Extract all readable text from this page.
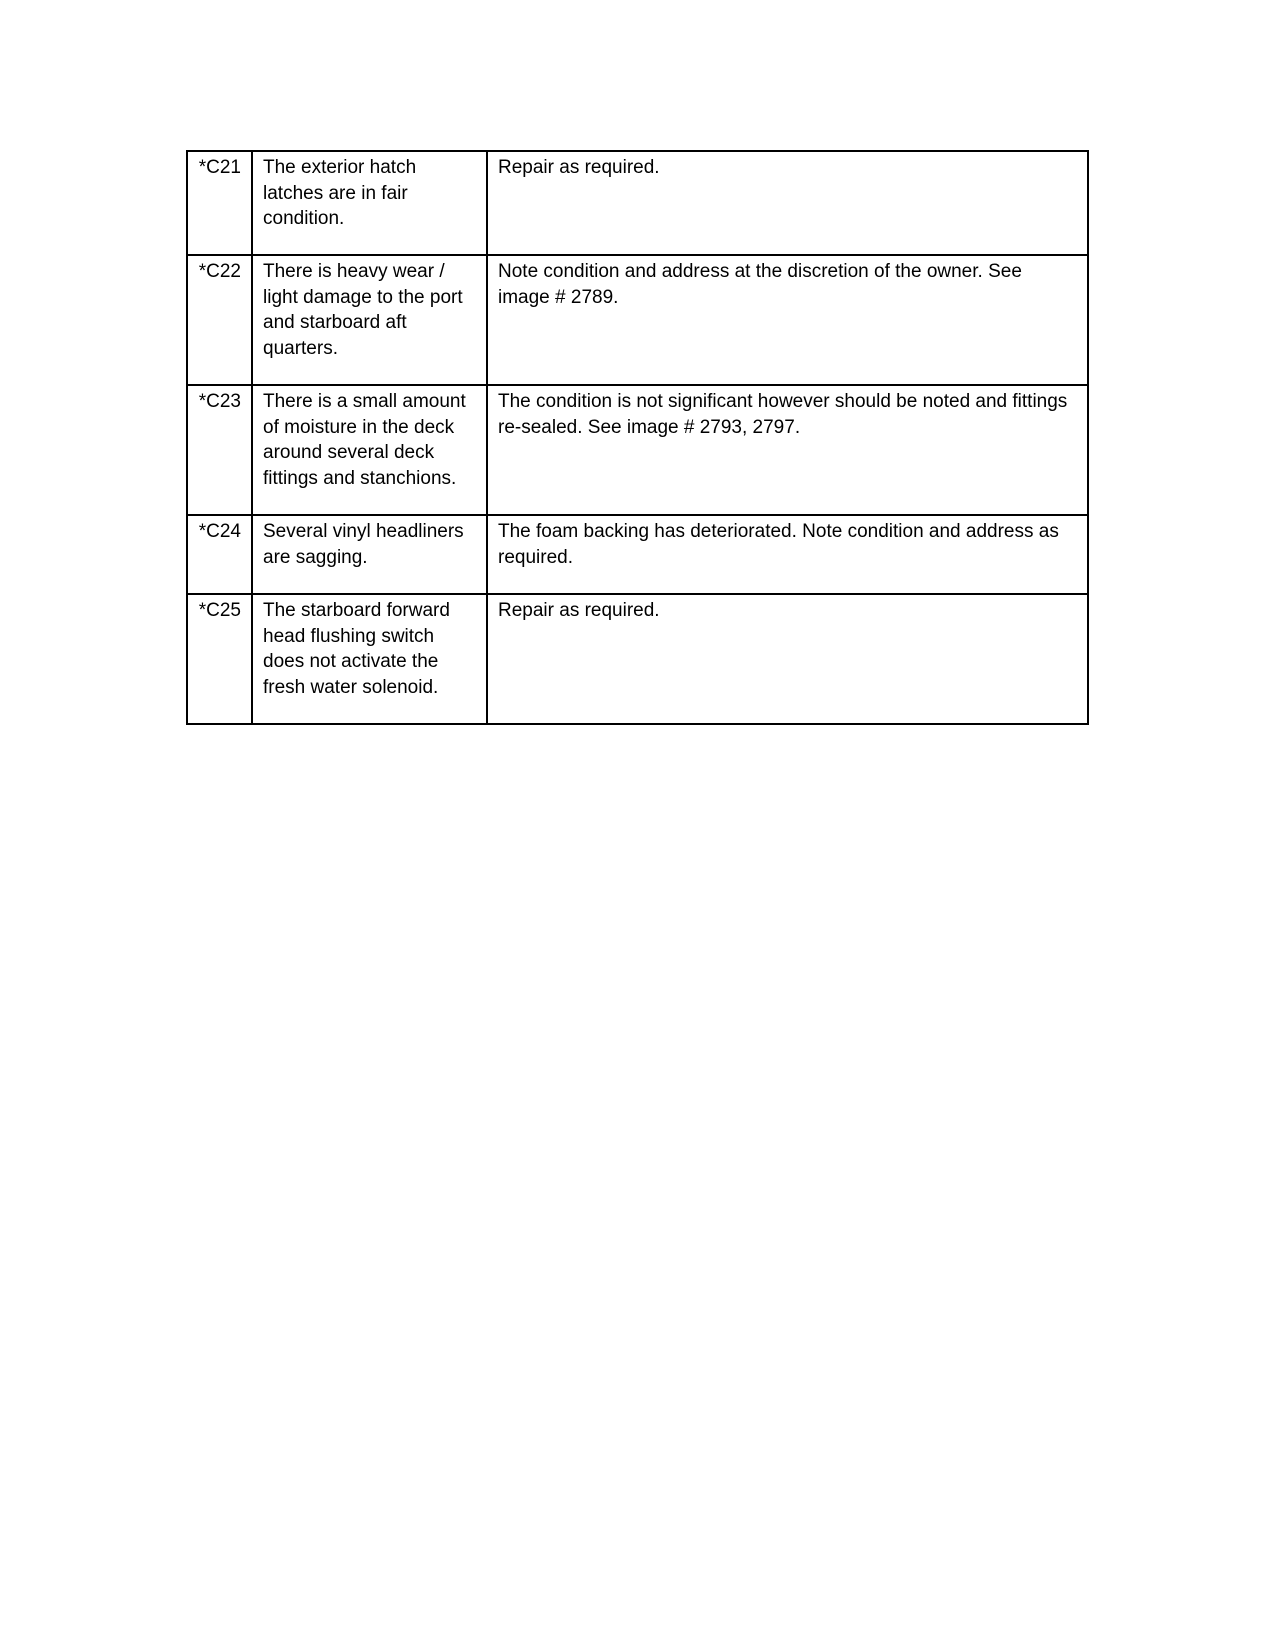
*C21	The exterior hatch latches are in fair condition.	Repair as required.

*C22	There is heavy wear / light damage to the port and starboard aft quarters.	Note condition and address at the discretion of the owner. See image # 2789.

*C23	There is a small amount of moisture in the deck around several deck fittings and stanchions.	The condition is not significant however should be noted and fittings re-sealed. See image # 2793, 2797.

*C24	Several vinyl headliners are sagging.	The foam backing has deteriorated. Note condition and address as required.

*C25	The starboard forward head flushing switch does not activate the fresh water solenoid.	Repair as required.
